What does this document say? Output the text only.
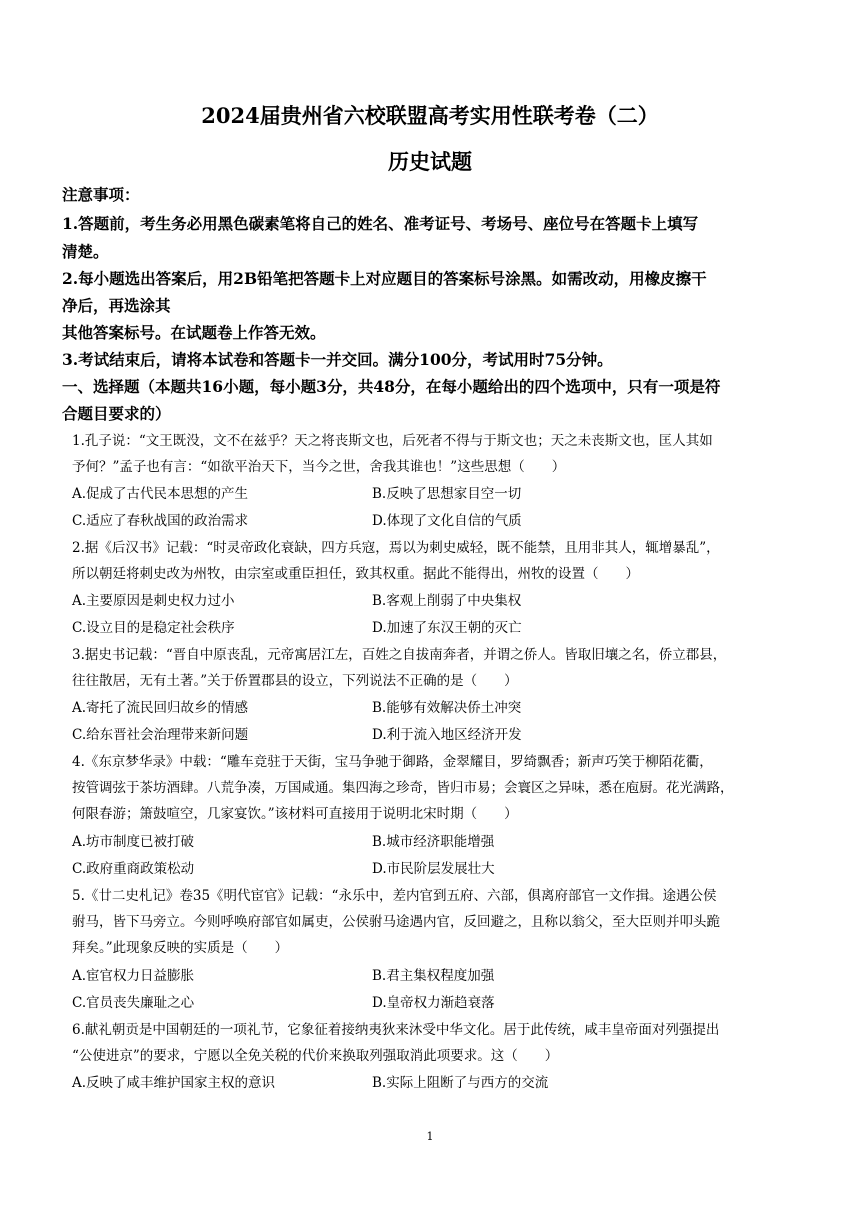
2024届贵州省六校联盟高考实用性联考卷（二）
历史试题
注意事项：
1.答题前，考生务必用黑色碳素笔将自己的姓名、准考证号、考场号、座位号在答题卡上填写
清楚。
2.每小题选出答案后，用2B铅笔把答题卡上对应题目的答案标号涂黑。如需改动，用橡皮擦干
净后，再选涂其
其他答案标号。在试题卷上作答无效。
3.考试结束后，请将本试卷和答题卡一并交回。满分100分，考试用时75分钟。
一、选择题（本题共16小题，每小题3分，共48分，在每小题给出的四个选项中，只有一项是符
合题目要求的）
1.孔子说：“文王既没，文不在兹乎？天之将丧斯文也，后死者不得与于斯文也；天之未丧斯文也，匡人其如
予何？”孟子也有言：“如欲平治天下，当今之世，舍我其谁也！”这些思想（　　）
A.促成了古代民本思想的产生	B.反映了思想家目空一切
C.适应了春秋战国的政治需求	D.体现了文化自信的气质
2.据《后汉书》记载：“时灵帝政化衰缺，四方兵寇，焉以为刺史威轻，既不能禁，且用非其人，辄增暴乱”，
所以朝廷将刺史改为州牧，由宗室或重臣担任，致其权重。据此不能得出，州牧的设置（　　）
A.主要原因是刺史权力过小	B.客观上削弱了中央集权
C.设立目的是稳定社会秩序	D.加速了东汉王朝的灭亡
3.据史书记载：“晋自中原丧乱，元帝寓居江左，百姓之自拔南奔者，并谓之侨人。皆取旧壤之名，侨立郡县，
往往散居，无有土著。”关于侨置郡县的设立，下列说法不正确的是（　　）
A.寄托了流民回归故乡的情感	B.能够有效解决侨土冲突
C.给东晋社会治理带来新问题	D.利于流入地区经济开发
4.《东京梦华录》中载：“雕车竞驻于天街，宝马争驰于御路，金翠耀目，罗绮飘香；新声巧笑于柳陌花衢，
按管调弦于茶坊酒肆。八荒争凑，万国咸通。集四海之珍奇，皆归市易；会寰区之异味，悉在庖厨。花光满路，
何限春游；箫鼓喧空，几家宴饮。”该材料可直接用于说明北宋时期（　　）
A.坊市制度已被打破	B.城市经济职能增强
C.政府重商政策松动	D.市民阶层发展壮大
5.《廿二史札记》卷35《明代宦官》记载：“永乐中，差内官到五府、六部，俱离府部官一文作揖。途遇公侯
驸马，皆下马旁立。今则呼唤府部官如属吏，公侯驸马途遇内官，反回避之，且称以翁父，至大臣则并叩头跪
拜矣。”此现象反映的实质是（　　）
A.宦官权力日益膨胀	B.君主集权程度加强
C.官员丧失廉耻之心	D.皇帝权力渐趋衰落
6.献礼朝贡是中国朝廷的一项礼节，它象征着接纳夷狄来沐受中华文化。居于此传统，咸丰皇帝面对列强提出
“公使进京”的要求，宁愿以全免关税的代价来换取列强取消此项要求。这（　　）
A.反映了咸丰维护国家主权的意识	B.实际上阻断了与西方的交流
1
